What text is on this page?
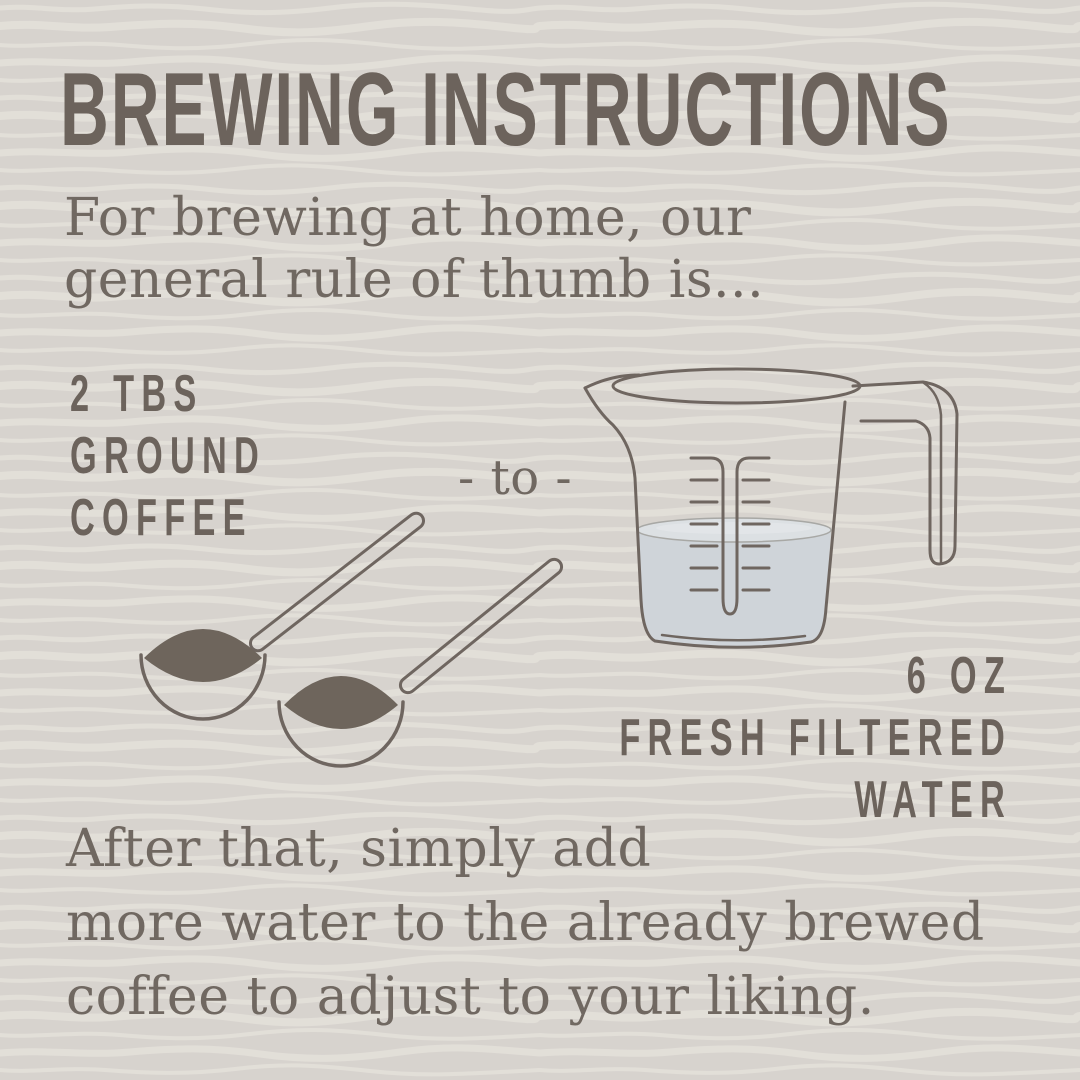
BREWING INSTRUCTIONS
For brewing at home, our
general rule of thumb is...
2 TBS
GROUND
COFFEE
- to -
6 OZ
FRESH FILTERED
WATER
After that, simply add
more water to the already brewed
coffee to adjust to your liking.
